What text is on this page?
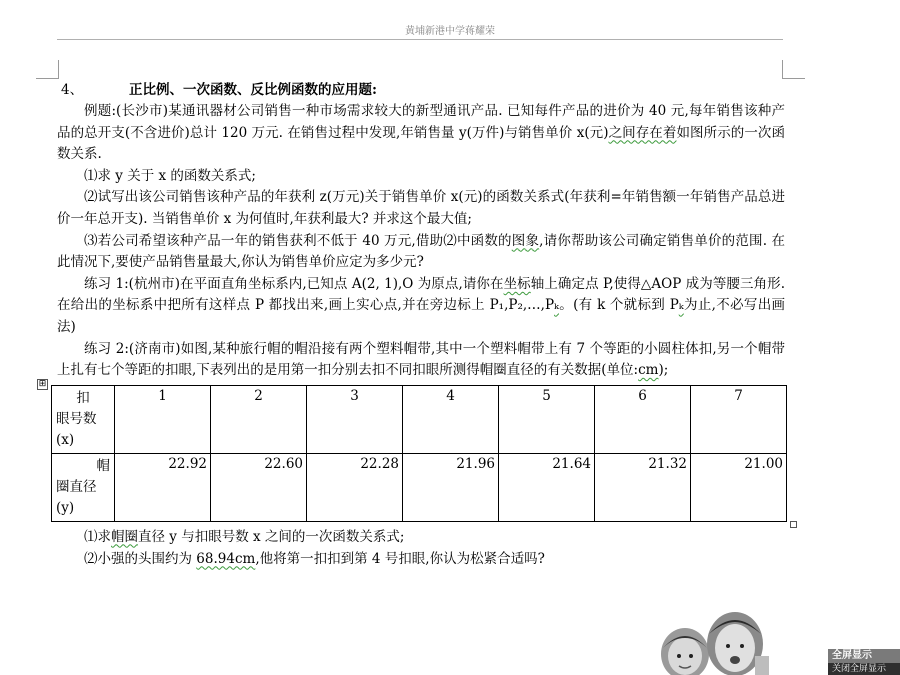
黄埔新港中学蒋耀荣

4、	正比例、一次函数、反比例函数的应用题:

例题:(长沙市)某通讯器材公司销售一种市场需求较大的新型通讯产品. 已知每件产品的进价为 40 元,每年销售该种产品的总开支(不含进价)总计 120 万元. 在销售过程中发现,年销售量 y(万件)与销售单价 x(元)之间存在着如图所示的一次函数关系.

⑴求 y 关于 x 的函数关系式;

⑵试写出该公司销售该种产品的年获利 z(万元)关于销售单价 x(元)的函数关系式(年获利=年销售额一年销售产品总进价一年总开支). 当销售单价 x 为何值时,年获利最大? 并求这个最大值;

⑶若公司希望该种产品一年的销售获利不低于 40 万元,借助⑵中函数的图象,请你帮助该公司确定销售单价的范围. 在此情况下,要使产品销售量最大,你认为销售单价应定为多少元?

练习 1:(杭州市)在平面直角坐标系内,已知点 A(2, 1),O 为原点,请你在坐标轴上确定点 P,使得△AOP 成为等腰三角形. 在给出的坐标系中把所有这样点 P 都找出来,画上实心点,并在旁边标上 P₁,P₂,…,Pₖ。(有 k 个就标到 Pₖ为止,不必写出画法)

练习 2:(济南市)如图,某种旅行帽的帽沿接有两个塑料帽带,其中一个塑料帽带上有 7 个等距的小圆柱体扣,另一个帽带上扎有七个等距的扣眼,下表列出的是用第一扣分别去扣不同扣眼所测得帽圈直径的有关数据(单位:cm);

⊞
扣
眼号数
(x)	1	2	3	4	5	6	7

帽
圈直径
(y)	22.92	22.60	22.28	21.96	21.64	21.32	21.00

⑴求帽圈直径 y 与扣眼号数 x 之间的一次函数关系式;

⑵小强的头围约为 68.94cm,他将第一扣扣到第 4 号扣眼,你认为松紧合适吗?

全屏显示
关闭全屏显示
